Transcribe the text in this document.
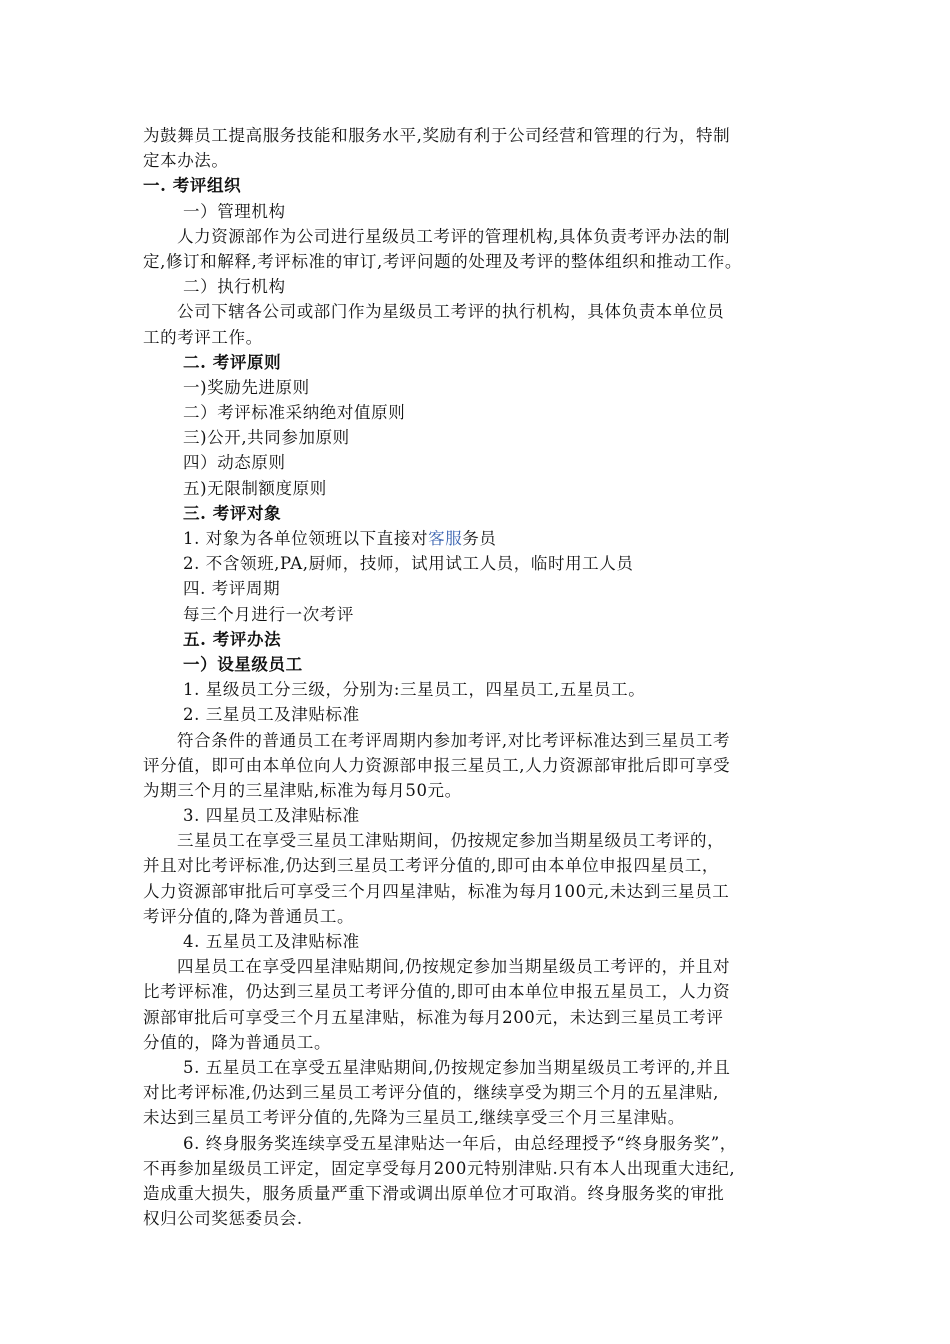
为鼓舞员工提高服务技能和服务水平,奖励有利于公司经营和管理的行为，特制
定本办法。
一. 考评组织
一）管理机构
人力资源部作为公司进行星级员工考评的管理机构,具体负责考评办法的制
定,修订和解释,考评标准的审订,考评问题的处理及考评的整体组织和推动工作。
二）执行机构
公司下辖各公司或部门作为星级员工考评的执行机构，具体负责本单位员
工的考评工作。
二. 考评原则
一)奖励先进原则
二）考评标准采纳绝对值原则
三)公开,共同参加原则
四）动态原则
五)无限制额度原则
三. 考评对象
1. 对象为各单位领班以下直接对客服务员
2. 不含领班,PA,厨师，技师，试用试工人员，临时用工人员
四. 考评周期
每三个月进行一次考评
五. 考评办法
一）设星级员工
1. 星级员工分三级，分别为:三星员工，四星员工,五星员工。
2. 三星员工及津贴标准
符合条件的普通员工在考评周期内参加考评,对比考评标准达到三星员工考
评分值，即可由本单位向人力资源部申报三星员工,人力资源部审批后即可享受
为期三个月的三星津贴,标准为每月50元。
3. 四星员工及津贴标准
三星员工在享受三星员工津贴期间，仍按规定参加当期星级员工考评的，
并且对比考评标准,仍达到三星员工考评分值的,即可由本单位申报四星员工，
人力资源部审批后可享受三个月四星津贴，标准为每月100元,未达到三星员工
考评分值的,降为普通员工。
4. 五星员工及津贴标准
四星员工在享受四星津贴期间,仍按规定参加当期星级员工考评的，并且对
比考评标准，仍达到三星员工考评分值的,即可由本单位申报五星员工，人力资
源部审批后可享受三个月五星津贴，标准为每月200元，未达到三星员工考评
分值的，降为普通员工。
5. 五星员工在享受五星津贴期间,仍按规定参加当期星级员工考评的,并且
对比考评标准,仍达到三星员工考评分值的，继续享受为期三个月的五星津贴,
未达到三星员工考评分值的,先降为三星员工,继续享受三个月三星津贴。
6. 终身服务奖连续享受五星津贴达一年后，由总经理授予“终身服务奖”，
不再参加星级员工评定，固定享受每月200元特别津贴.只有本人出现重大违纪,
造成重大损失，服务质量严重下滑或调出原单位才可取消。终身服务奖的审批
权归公司奖惩委员会.
